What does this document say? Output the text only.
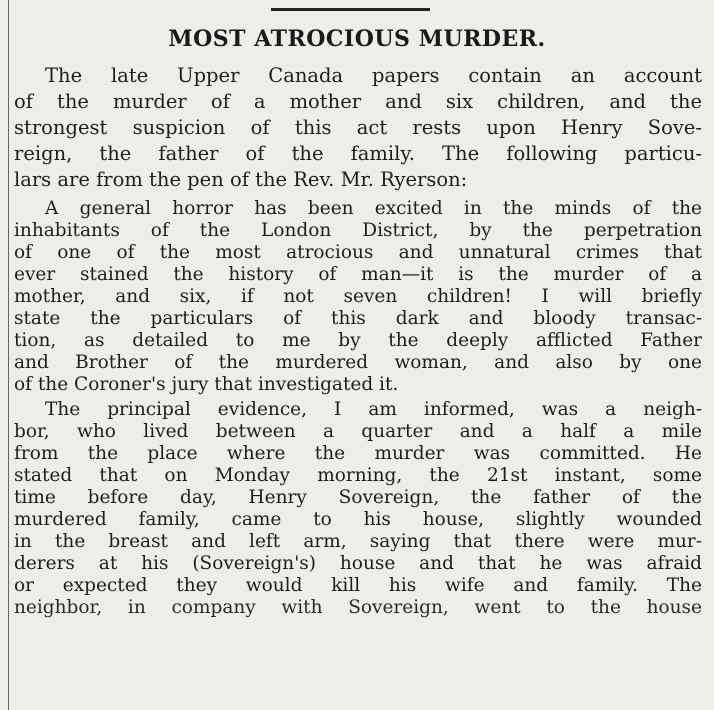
MOST ATROCIOUS MURDER.
The late Upper Canada papers contain an account
of the murder of a mother and six children, and the
strongest suspicion of this act rests upon Henry Sove-
reign, the father of the family. The following particu-
lars are from the pen of the Rev. Mr. Ryerson:
A general horror has been excited in the minds of the
inhabitants of the London District, by the perpetration
of one of the most atrocious and unnatural crimes that
ever stained the history of man—it is the murder of a
mother, and six, if not seven children! I will briefly
state the particulars of this dark and bloody transac-
tion, as detailed to me by the deeply afflicted Father
and Brother of the murdered woman, and also by one
of the Coroner's jury that investigated it.
The principal evidence, I am informed, was a neigh-
bor, who lived between a quarter and a half a mile
from the place where the murder was committed. He
stated that on Monday morning, the 21st instant, some
time before day, Henry Sovereign, the father of the
murdered family, came to his house, slightly wounded
in the breast and left arm, saying that there were mur-
derers at his (Sovereign's) house and that he was afraid
or expected they would kill his wife and family. The
neighbor, in company with Sovereign, went to the house
